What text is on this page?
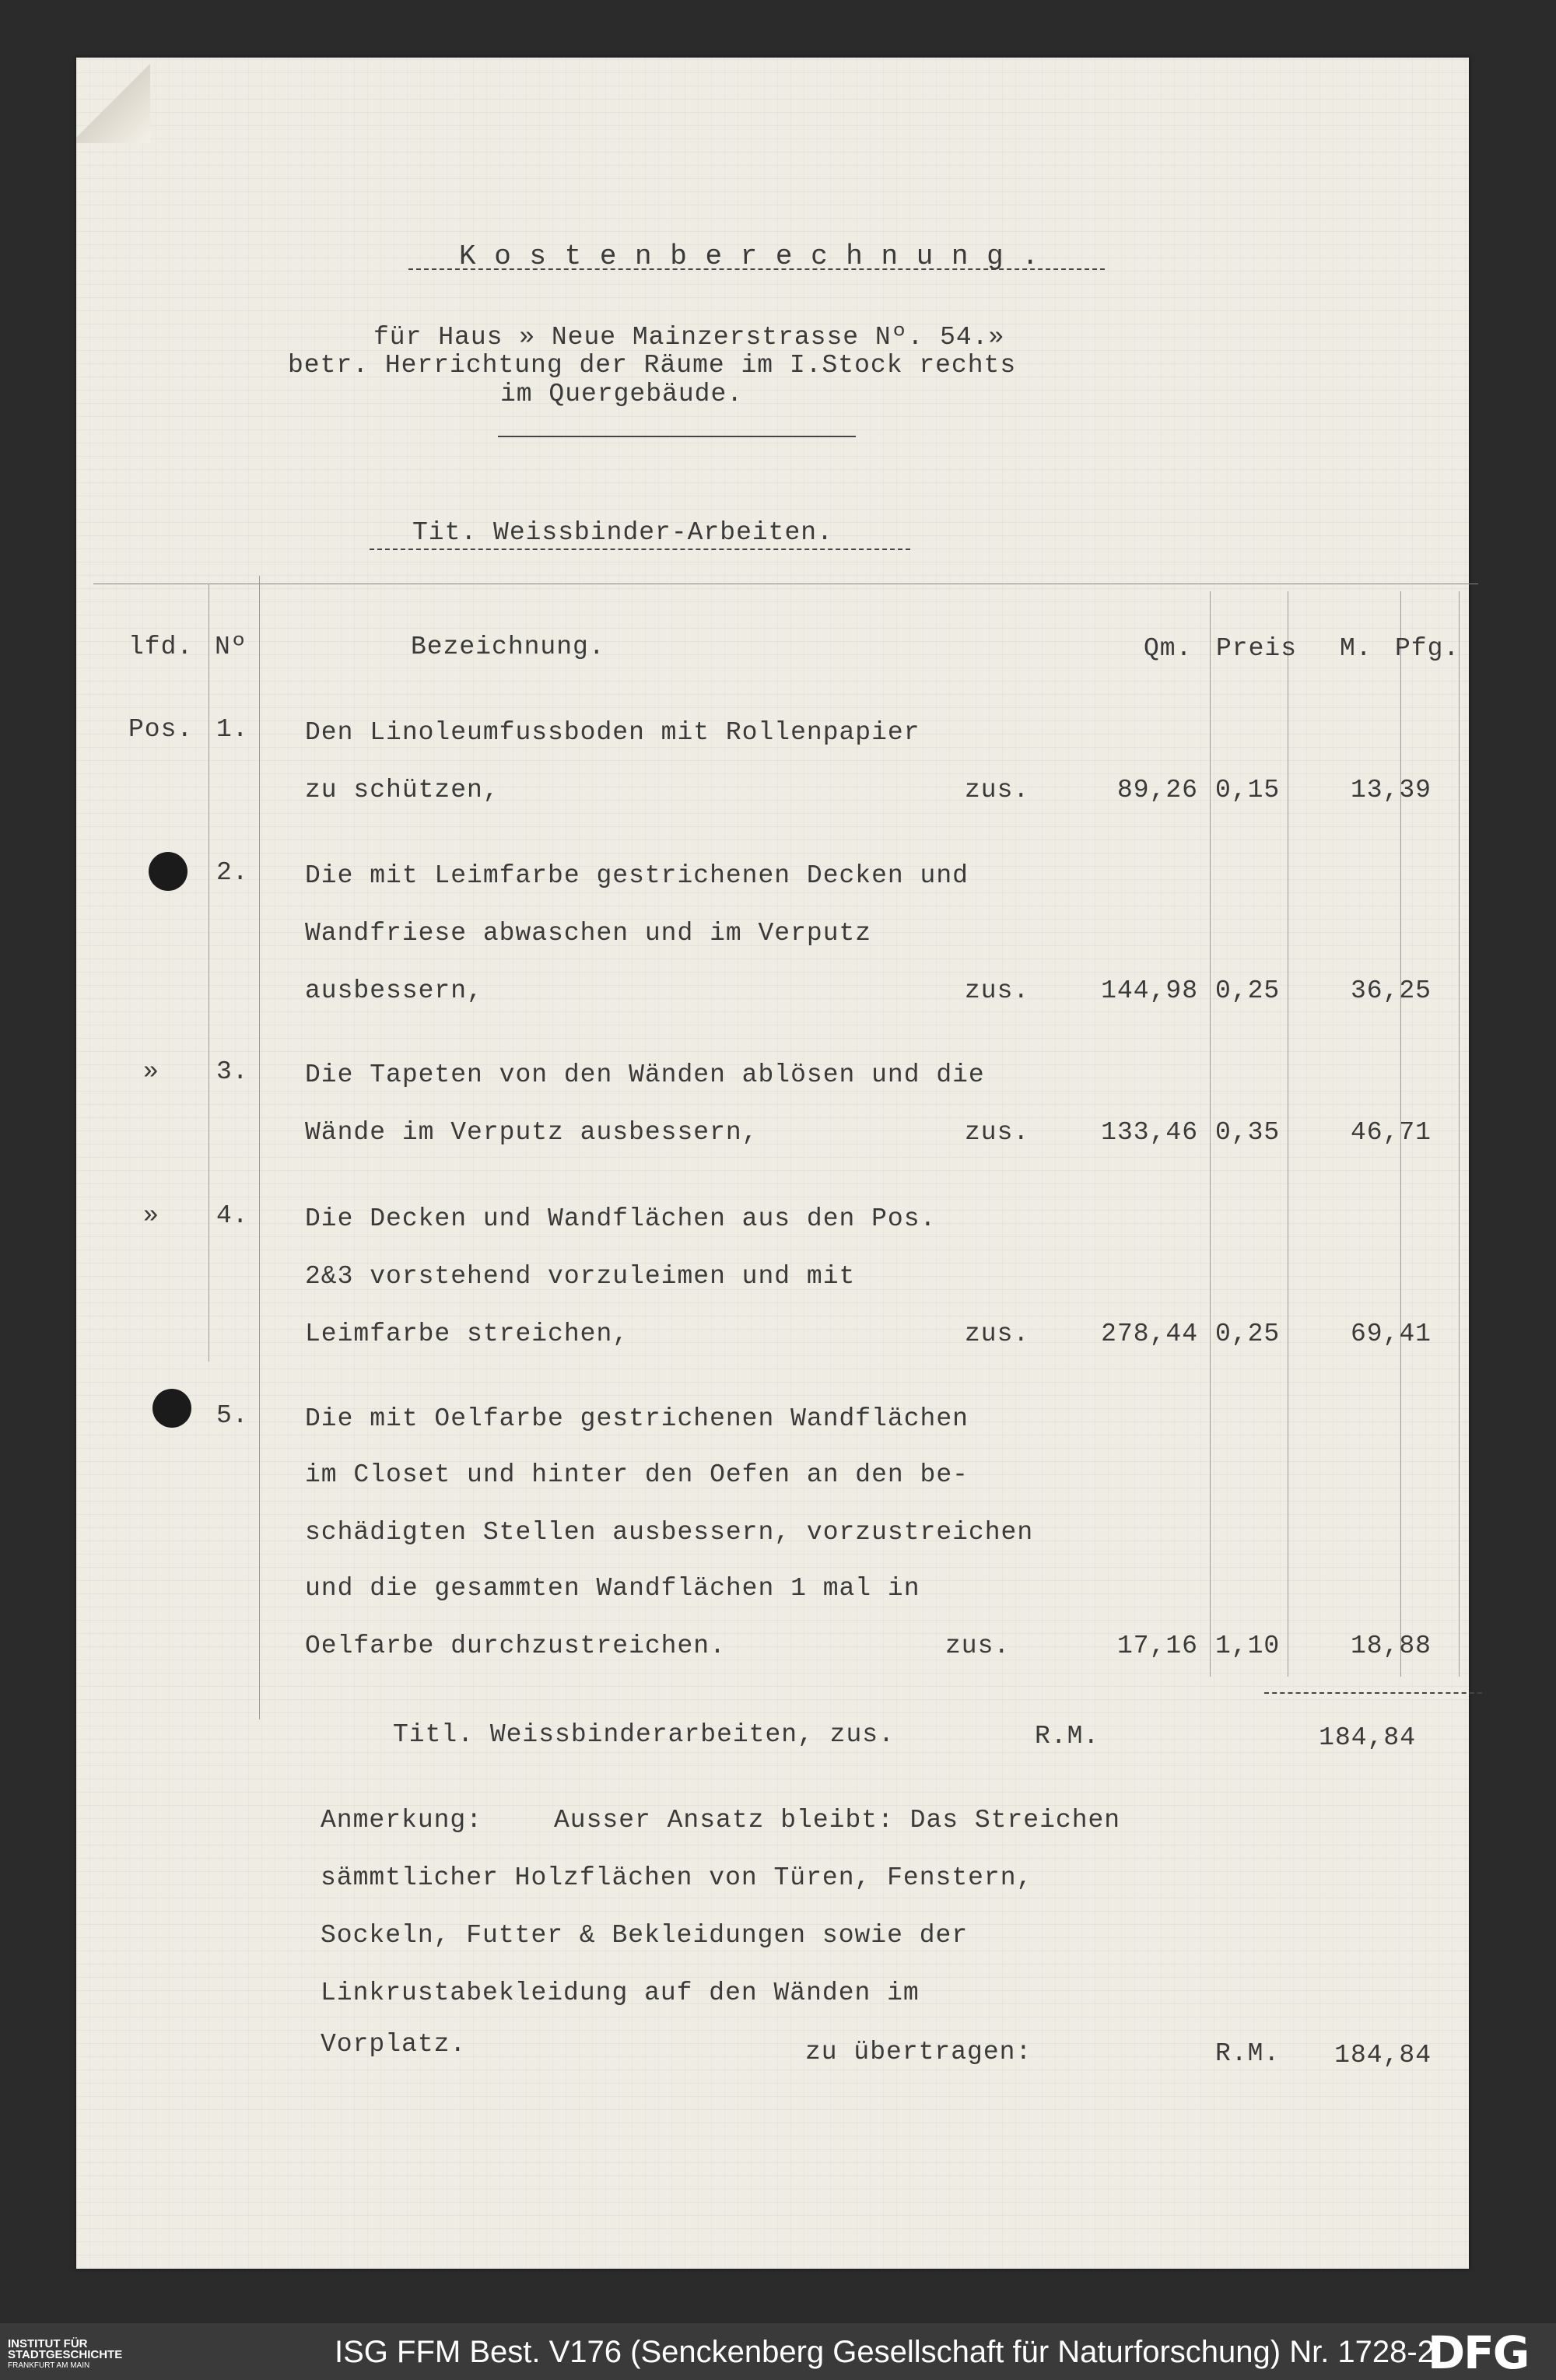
K o s t e n b e r e c h n u n g .
für Haus » Neue Mainzerstrasse Nº. 54.»
betr. Herrichtung der Räume im I.Stock rechts
im Quergebäude.
Tit. Weissbinder-Arbeiten.
lfd. Nº	Bezeichnung.	Qm. Preis M. Pfg.
Pos. 1. Den Linoleumfussboden mit Rollenpapier
zu schützen,	zus.	89,26 0,15	13,39
2. Die mit Leimfarbe gestrichenen Decken und
Wandfriese abwaschen und im Verputz
ausbessern,	zus.	144,98 0,25	36,25
» 3. Die Tapeten von den Wänden ablösen und die
Wände im Verputz ausbessern,	zus.	133,46 0,35	46,71
» 4. Die Decken und Wandflächen aus den Pos.
2&3 vorstehend vorzuleimen und mit
Leimfarbe streichen,	zus.	278,44 0,25	69,41
5. Die mit Oelfarbe gestrichenen Wandflächen
im Closet und hinter den Oefen an den be-
schädigten Stellen ausbessern, vorzustreichen
und die gesammten Wandflächen 1 mal in
Oelfarbe durchzustreichen.	zus.	17,16 1,10	18,88
Titl. Weissbinderarbeiten, zus.	R.M.	184,84
Anmerkung:	Ausser Ansatz bleibt: Das Streichen
sämmtlicher Holzflächen von Türen, Fenstern,
Sockeln, Futter & Bekleidungen sowie der
Linkrustabekleidung auf den Wänden im
Vorplatz.	zu übertragen:	R.M.	184,84
INSTITUT FÜR
STADTGESCHICHTE
FRANKFURT AM MAIN	ISG FFM Best. V176 (Senckenberg Gesellschaft für Naturforschung) Nr. 1728-2
DFG
